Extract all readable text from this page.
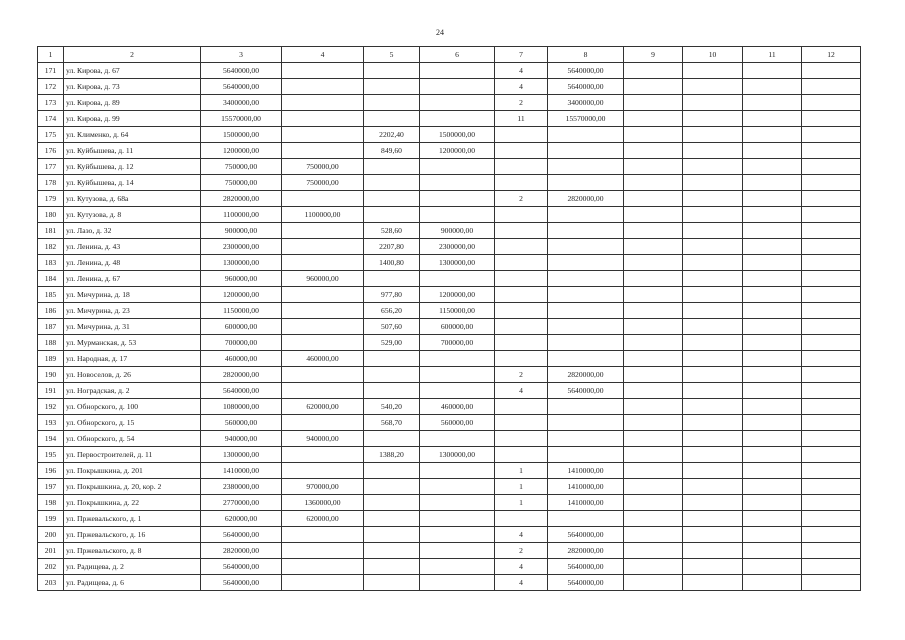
24
1	2	3	4	5	6	7	8	9	10	11	12
171	ул. Кирова, д. 67	5640000,00				4	5640000,00				
172	ул. Кирова, д. 73	5640000,00				4	5640000,00				
173	ул. Кирова, д. 89	3400000,00				2	3400000,00				
174	ул. Кирова, д. 99	15570000,00				11	15570000,00				
175	ул. Клименко, д. 64	1500000,00		2202,40	1500000,00						
176	ул. Куйбышева, д. 11	1200000,00		849,60	1200000,00						
177	ул. Куйбышева, д. 12	750000,00	750000,00								
178	ул. Куйбышева, д. 14	750000,00	750000,00								
179	ул. Кутузова, д. 68а	2820000,00				2	2820000,00				
180	ул. Кутузова, д. 8	1100000,00	1100000,00								
181	ул. Лазо, д. 32	900000,00		528,60	900000,00						
182	ул. Ленина, д. 43	2300000,00		2207,80	2300000,00						
183	ул. Ленина, д. 48	1300000,00		1400,80	1300000,00						
184	ул. Ленина, д. 67	960000,00	960000,00								
185	ул. Мичурина, д. 18	1200000,00		977,80	1200000,00						
186	ул. Мичурина, д. 23	1150000,00		656,20	1150000,00						
187	ул. Мичурина, д. 31	600000,00		507,60	600000,00						
188	ул. Мурманская, д. 53	700000,00		529,00	700000,00						
189	ул. Народная, д. 17	460000,00	460000,00								
190	ул. Новоселов, д. 26	2820000,00				2	2820000,00				
191	ул. Ноградская, д. 2	5640000,00				4	5640000,00				
192	ул. Обнорского, д. 100	1080000,00	620000,00	540,20	460000,00						
193	ул. Обнорского, д. 15	560000,00		568,70	560000,00						
194	ул. Обнорского, д. 54	940000,00	940000,00								
195	ул. Первостроителей, д. 11	1300000,00		1388,20	1300000,00						
196	ул. Покрышкина, д. 201	1410000,00				1	1410000,00				
197	ул. Покрышкина, д. 20, кор. 2	2380000,00	970000,00			1	1410000,00				
198	ул. Покрышкина, д. 22	2770000,00	1360000,00			1	1410000,00				
199	ул. Пржевальского, д. 1	620000,00	620000,00								
200	ул. Пржевальского, д. 16	5640000,00				4	5640000,00				
201	ул. Пржевальского, д. 8	2820000,00				2	2820000,00				
202	ул. Радищева, д. 2	5640000,00				4	5640000,00				
203	ул. Радищева, д. 6	5640000,00				4	5640000,00				
